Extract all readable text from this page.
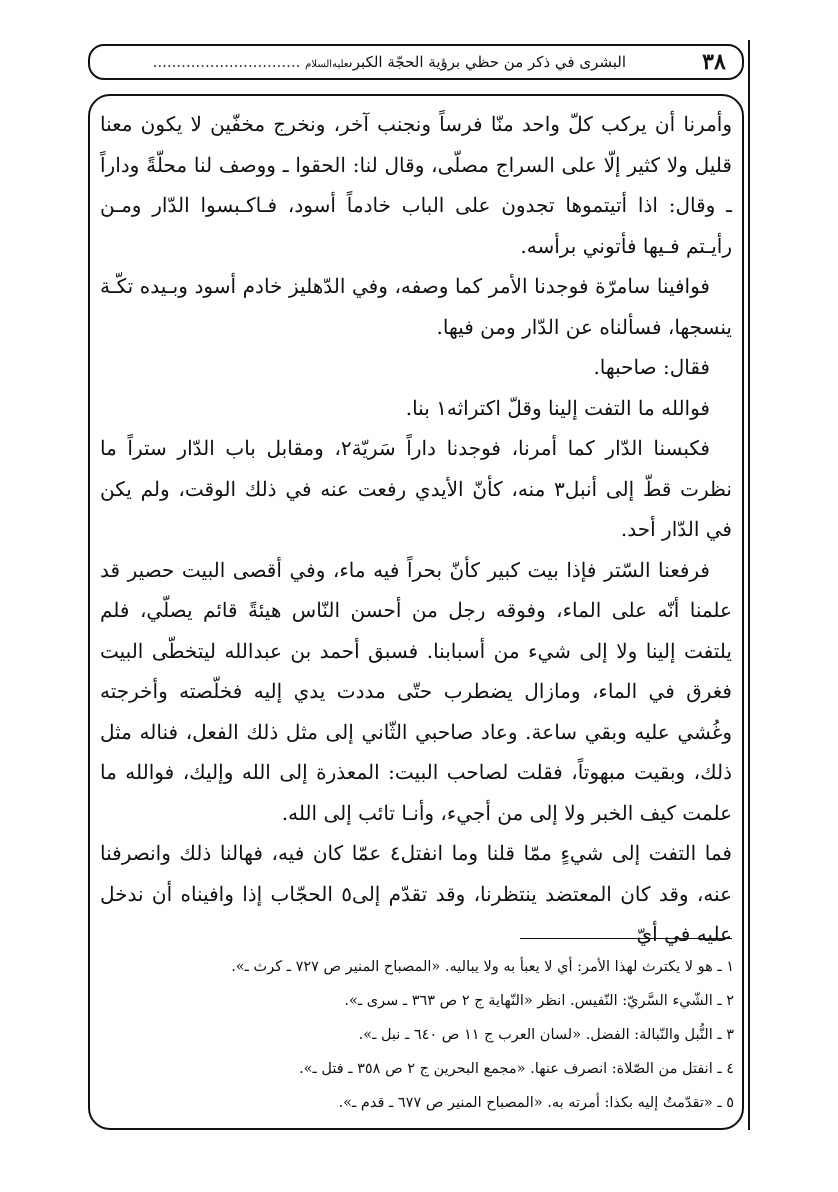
البشرى في ذكر من حظي برؤية الحجّة الكبرىعليه‌السلام ...............................	٣٨

وأمرنا أن يركب كلّ واحد منّا فرساً ونجنب آخر، ونخرج مخفّين لا يكون معنا قليل ولا كثير إلّا على السراج مصلّى، وقال لنا: الحقوا ـ ووصف لنا محلّةً وداراً ـ وقال: اذا أتيتموها تجدون على الباب خادماً أسود، فـاكـبسوا الدّار ومـن رأيـتم فـيها فأتوني برأسه.

فوافينا سامرّة فوجدنا الأمر كما وصفه، وفي الدّهليز خادم أسود وبـيده تكّـة ينسجها، فسألناه عن الدّار ومن فيها.

فقال: صاحبها.

فوالله ما التفت إلينا وقلّ اكتراثه١ بنا.

فكبسنا الدّار كما أمرنا، فوجدنا داراً سَريّة٢، ومقابل باب الدّار ستراً ما نظرت قطّ إلى أنبل٣ منه، كأنّ الأيدي رفعت عنه في ذلك الوقت، ولم يكن في الدّار أحد.

فرفعنا السّتر فإذا بيت كبير كأنّ بحراً فيه ماء، وفي أقصى البيت حصير قد علمنا أنّه على الماء، وفوقه رجل من أحسن النّاس هيئةً قائم يصلّي، فلم يلتفت إلينا ولا إلى شيء من أسبابنا. فسبق أحمد بن عبدالله ليتخطّى البيت فغرق في الماء، ومازال يضطرب حتّى مددت يدي إليه فخلّصته وأخرجته وغُشي عليه وبقي ساعة. وعاد صاحبي الثّاني إلى مثل ذلك الفعل، فناله مثل ذلك، وبقيت مبهوتاً، فقلت لصاحب البيت: المعذرة إلى الله وإليك، فوالله ما علمت كيف الخبر ولا إلى من أجيء، وأنـا تائب إلى الله.

فما التفت إلى شيءٍ ممّا قلنا وما انفتل٤ عمّا كان فيه، فهالنا ذلك وانصرفنا عنه، وقد كان المعتضد ينتظرنا، وقد تقدّم إلى٥ الحجّاب إذا وافيناه أن ندخل عليه في أيّ

١ ـ هو لا يكترث لهذا الأمر: أي لا يعبأ به ولا يباليه. «المصباح المنير ص ٧٢٧ ـ كرث ـ».

٢ ـ الشّيء السَّريّ: النّفيس. انظر «النّهاية ج ٢ ص ٣٦٣ ـ سرى ـ».

٣ ـ النُّبل والنّبالة: الفضل. «لسان العرب ج ١١ ص ٦٤٠ ـ نبل ـ».

٤ ـ انفتل من الصّلاة: انصرف عنها. «مجمع البحرين ج ٢ ص ٣٥٨ ـ فتل ـ».

٥ ـ «تقدّمتُ إليه بكذا: أمرته به. «المصباح المنير ص ٦٧٧ ـ قدم ـ».
